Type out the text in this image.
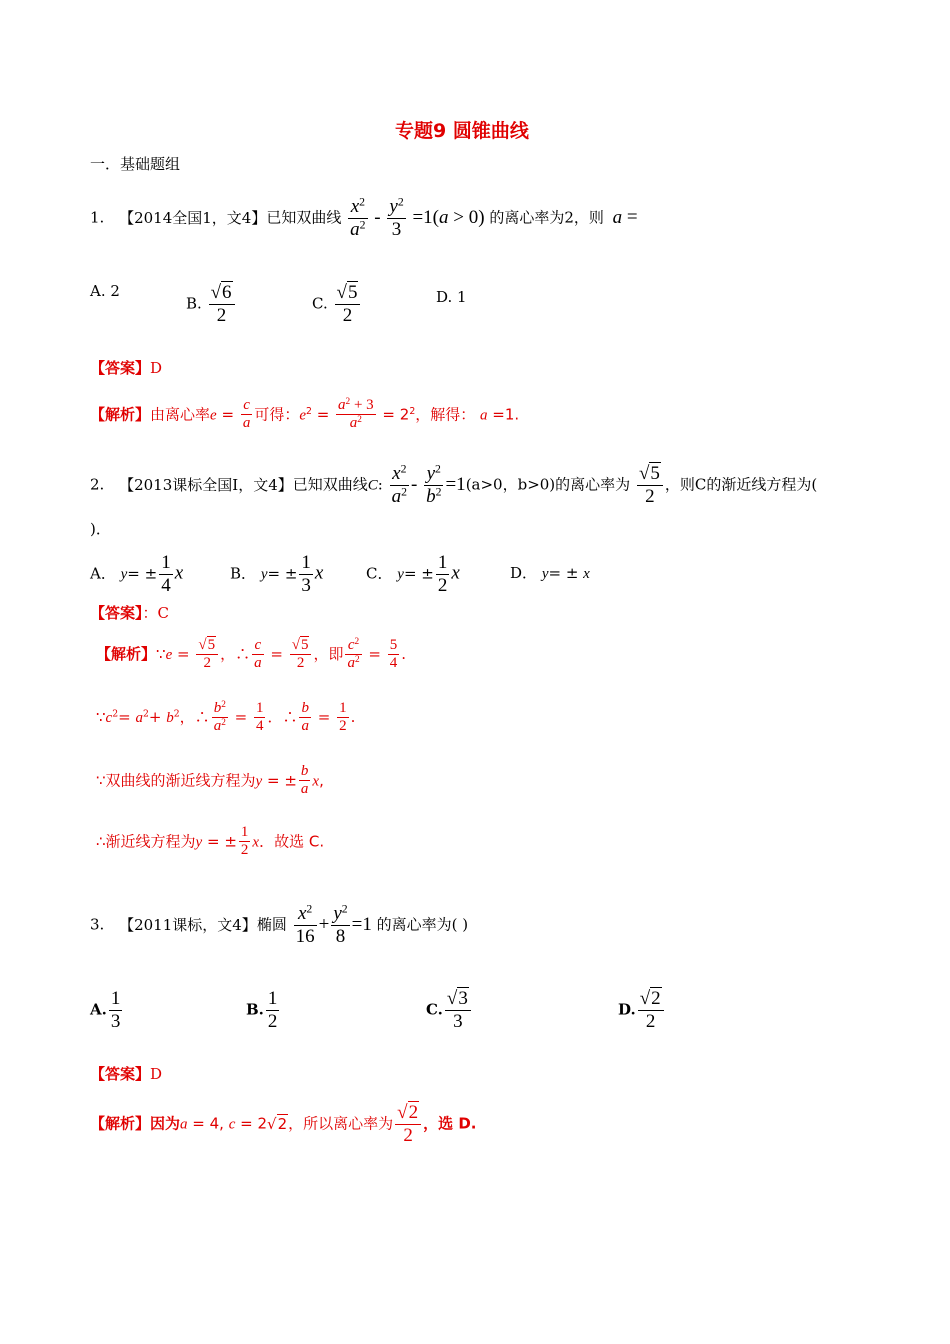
专题9 圆锥曲线
一．基础题组
1. 【2014全国1，文4】已知双曲线 $\frac{x^2}{a^2} - \frac{y^2}{3} =1(a > 0)$ 的离心率为2，则 a =
A. 2
B. $\frac{√6}{2}$	C. $\frac{√5}{2}$	D. 1
【答案】D
【解析】由离心率$e = \frac{c}{a}$ 可得：$e^2 = \frac{a^2 + 3}{a^2} = 2^2$，解得： a =1.
2. 【2013课标全国Ⅰ，文4】已知双曲线C: $\frac{x^2}{a^2} - \frac{y^2}{b^2} =1(a>0$，b>0)的离心率为 $\frac{√5}{2}$ ，则C的渐近线方程为(
)．
A． $y= \pm \frac{1}{4}$ x	B． $y= \pm \frac{1}{3}$ x	C． $y= \pm \frac{1}{2}$ x	D． y= ± x
【答案】：C
【解析】∵e = $\frac{√5}{2}$ ，∴ $\frac{c}{a} = \frac{√5}{2}$ ，即 $\frac{c^2}{a^2} = \frac{5}{4}$ .
$\because c^2= a^2+ b^2$，∴ $\frac{b^2}{a^2} = \frac{1}{4}$ ．∴ $\frac{b}{a} = \frac{1}{2}$ .
∵双曲线的渐近线方程为y = ± $\frac{b}{a} x$,
∴渐近线方程为y = ± $\frac{1}{2}$ x．故选 C.
3. 【2011课标，文4】椭圆 $\frac{x^2}{16} + \frac{y^2}{8} =1$ 的离心率为( )
A. $\frac{1}{3}$	B. $\frac{1}{2}$	C. $\frac{√3}{3}$	D. $\frac{√2}{2}$
【答案】D
【解析】因为a = 4, c = 2√2，所以离心率为 $\frac{√2}{2}$ ，选 D.
